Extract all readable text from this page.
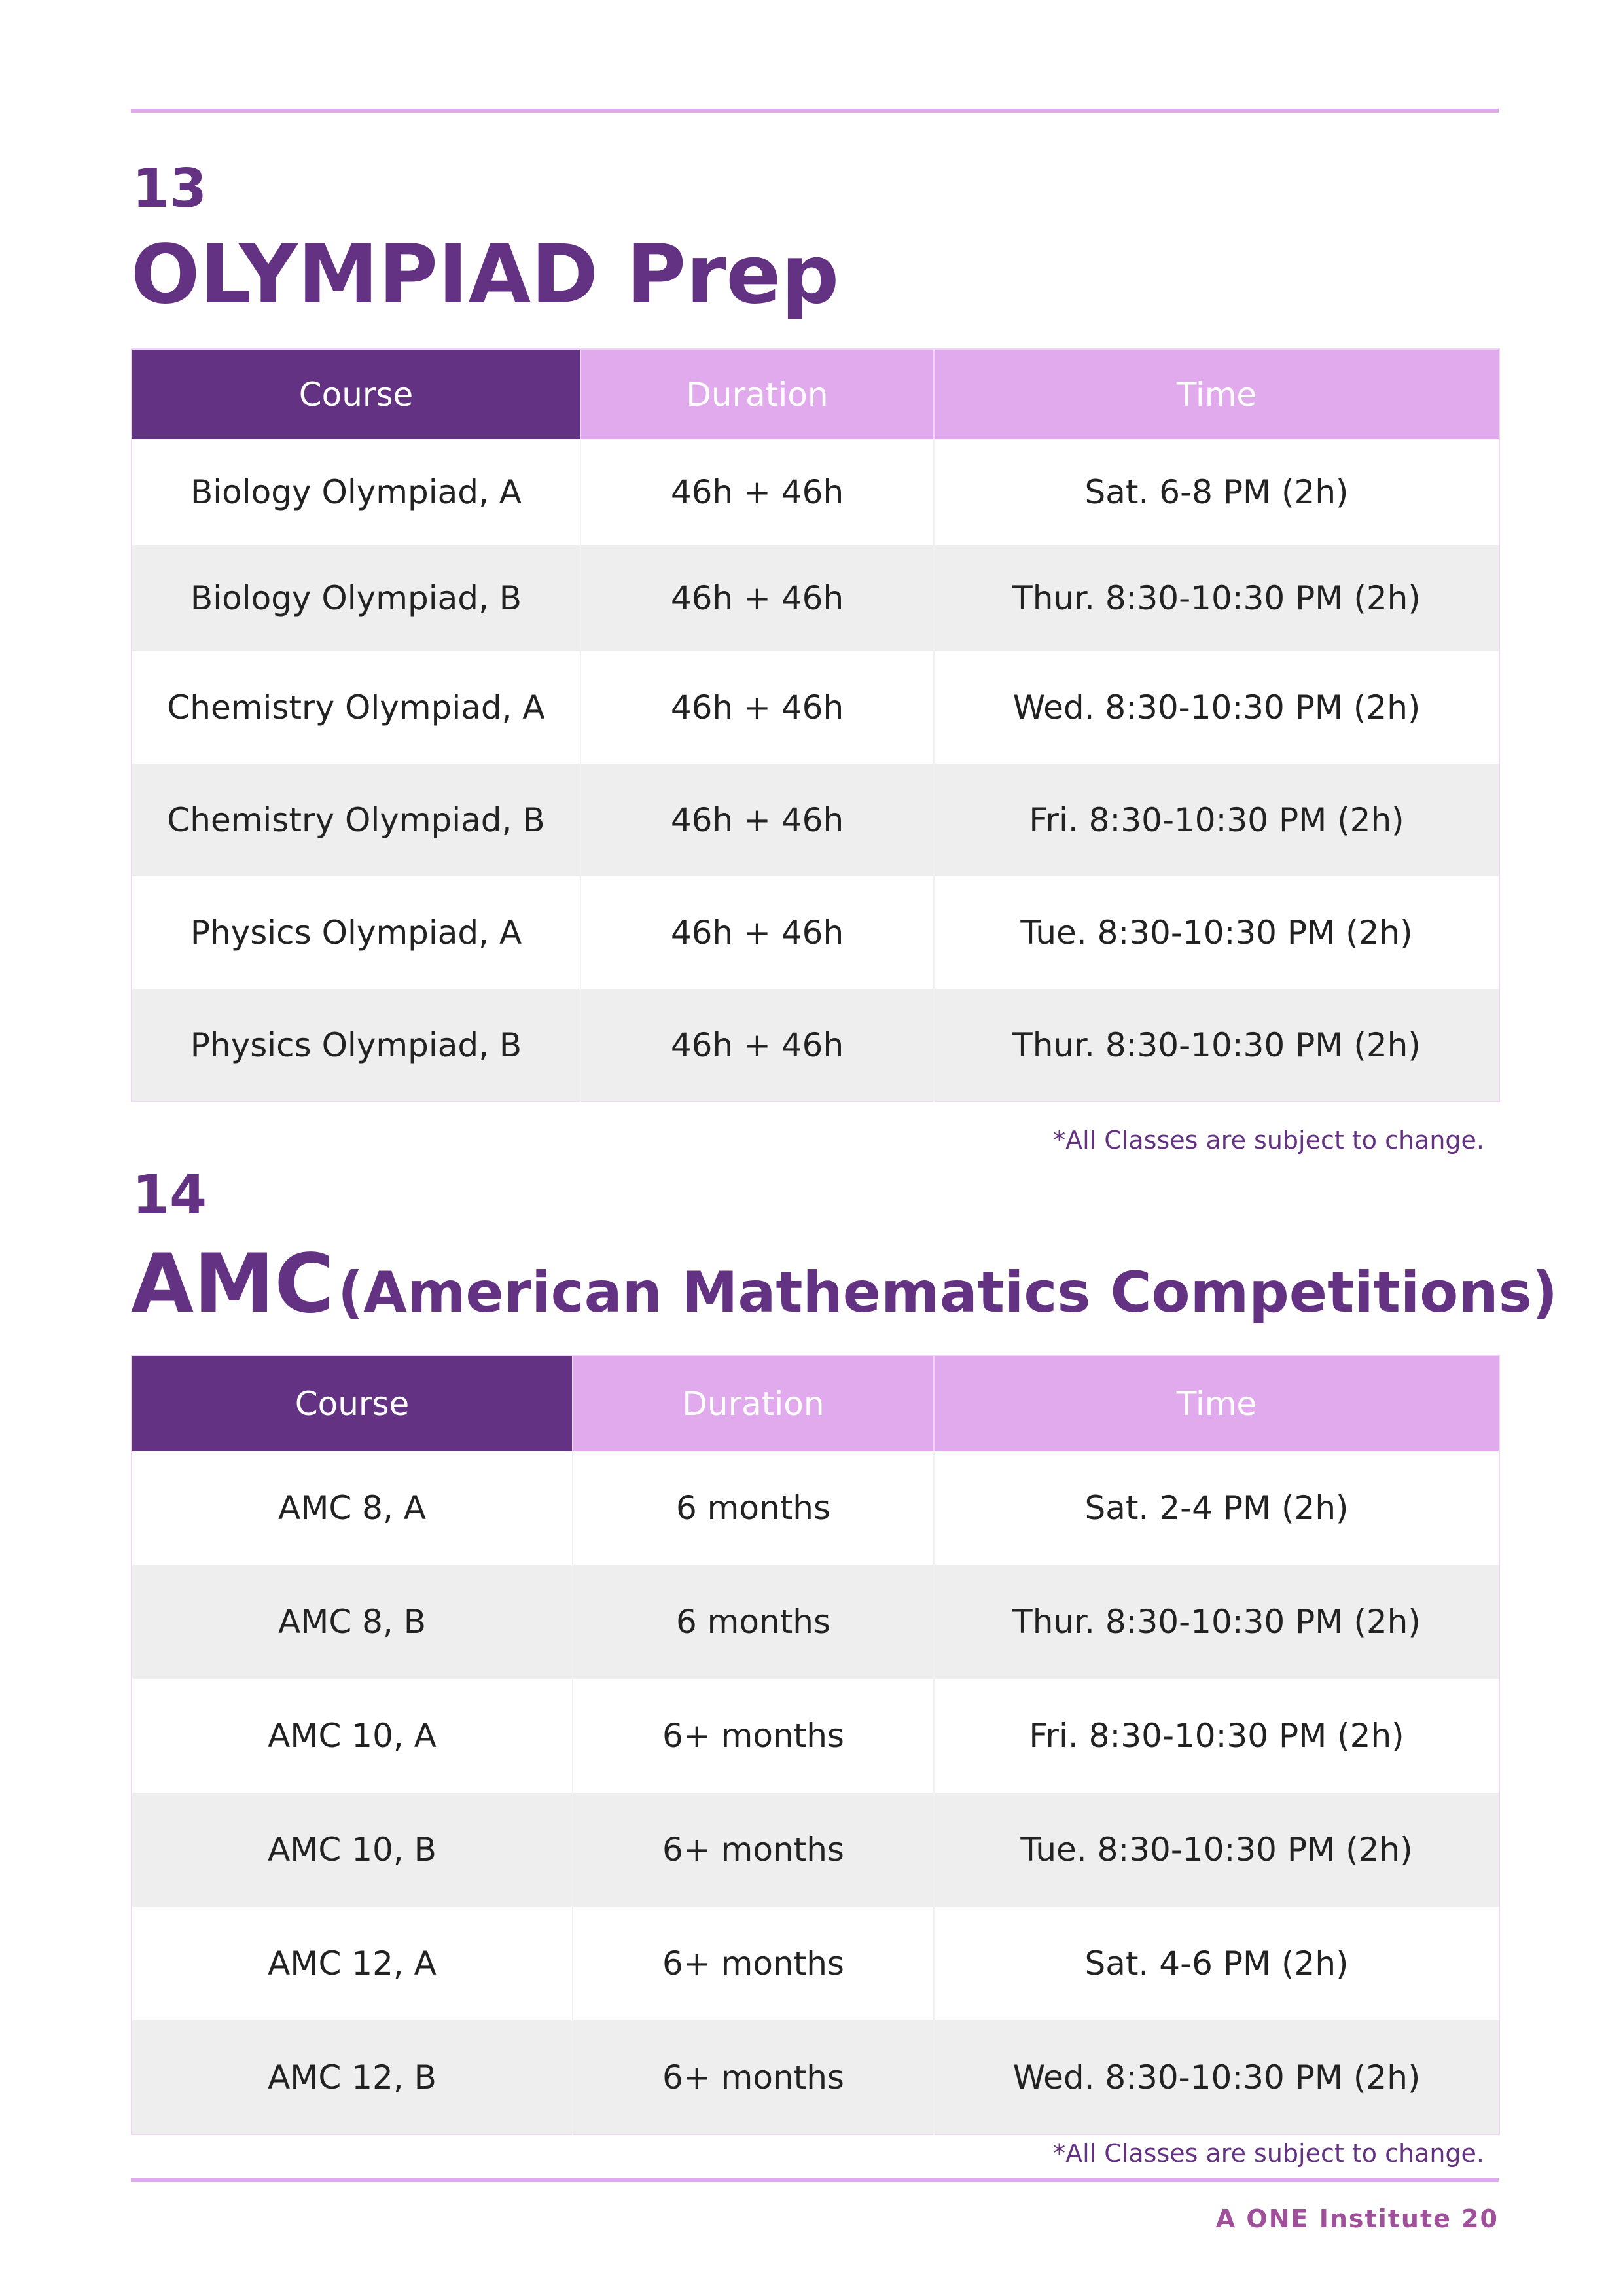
13
OLYMPIAD Prep
Course	Duration	Time
Biology Olympiad, A	46h + 46h	Sat. 6-8 PM (2h)
Biology Olympiad, B	46h + 46h	Thur. 8:30-10:30 PM (2h)
Chemistry Olympiad, A	46h + 46h	Wed. 8:30-10:30 PM (2h)
Chemistry Olympiad, B	46h + 46h	Fri. 8:30-10:30 PM (2h)
Physics Olympiad, A	46h + 46h	Tue. 8:30-10:30 PM (2h)
Physics Olympiad, B	46h + 46h	Thur. 8:30-10:30 PM (2h)
*All Classes are subject to change.
14
AMC (American Mathematics Competitions)
Course	Duration	Time
AMC 8, A	6 months	Sat. 2-4 PM (2h)
AMC 8, B	6 months	Thur. 8:30-10:30 PM (2h)
AMC 10, A	6+ months	Fri. 8:30-10:30 PM (2h)
AMC 10, B	6+ months	Tue. 8:30-10:30 PM (2h)
AMC 12, A	6+ months	Sat. 4-6 PM (2h)
AMC 12, B	6+ months	Wed. 8:30-10:30 PM (2h)
*All Classes are subject to change.
A ONE Institute 20
